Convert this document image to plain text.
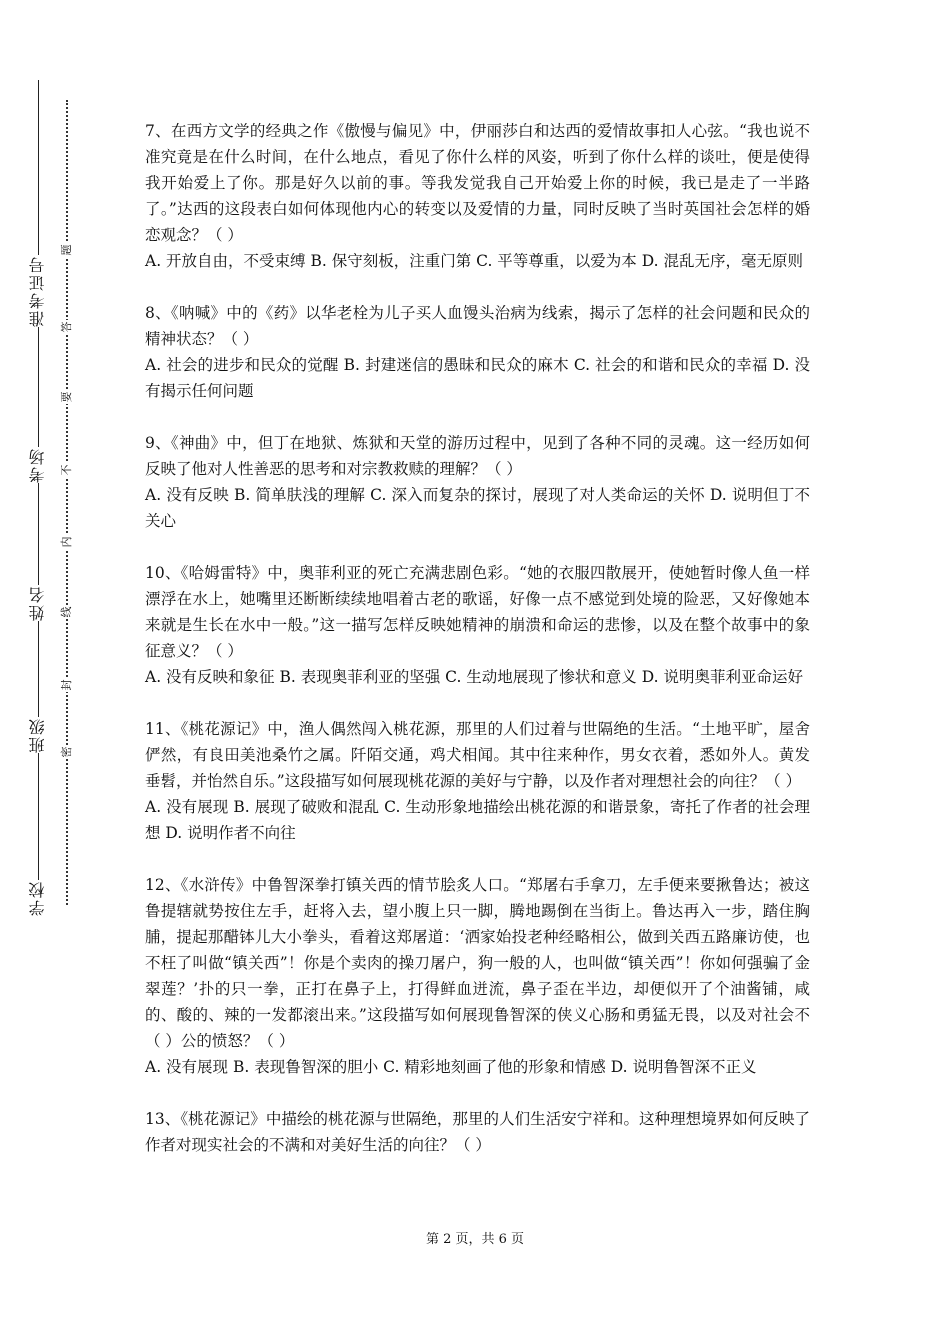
学校
班级
姓名
考场
准考证号
密
封
线
内
不
要
答
题

7、在西方文学的经典之作《傲慢与偏见》中，伊丽莎白和达西的爱情故事扣人心弦。“我也说不准究竟是在什么时间，在什么地点，看见了你什么样的风姿，听到了你什么样的谈吐，便是使得我开始爱上了你。那是好久以前的事。等我发觉我自己开始爱上你的时候，我已是走了一半路了。”达西的这段表白如何体现他内心的转变以及爱情的力量，同时反映了当时英国社会怎样的婚恋观念？（ ）

A. 开放自由，不受束缚 B. 保守刻板，注重门第 C. 平等尊重，以爱为本 D. 混乱无序，毫无原则

8、《呐喊》中的《药》以华老栓为儿子买人血馒头治病为线索，揭示了怎样的社会问题和民众的精神状态？（ ）

A. 社会的进步和民众的觉醒 B. 封建迷信的愚昧和民众的麻木 C. 社会的和谐和民众的幸福 D. 没有揭示任何问题

9、《神曲》中，但丁在地狱、炼狱和天堂的游历过程中，见到了各种不同的灵魂。这一经历如何反映了他对人性善恶的思考和对宗教救赎的理解？（ ）

A. 没有反映 B. 简单肤浅的理解 C. 深入而复杂的探讨，展现了对人类命运的关怀 D. 说明但丁不关心

10、《哈姆雷特》中，奥菲利亚的死亡充满悲剧色彩。“她的衣服四散展开，使她暂时像人鱼一样漂浮在水上，她嘴里还断断续续地唱着古老的歌谣，好像一点不感觉到处境的险恶，又好像她本来就是生长在水中一般。”这一描写怎样反映她精神的崩溃和命运的悲惨，以及在整个故事中的象征意义？（ ）

A. 没有反映和象征 B. 表现奥菲利亚的坚强 C. 生动地展现了惨状和意义 D. 说明奥菲利亚命运好

11、《桃花源记》中，渔人偶然闯入桃花源，那里的人们过着与世隔绝的生活。“土地平旷，屋舍俨然，有良田美池桑竹之属。阡陌交通，鸡犬相闻。其中往来种作，男女衣着，悉如外人。黄发垂髫，并怡然自乐。”这段描写如何展现桃花源的美好与宁静，以及作者对理想社会的向往？（ ）

A. 没有展现 B. 展现了破败和混乱 C. 生动形象地描绘出桃花源的和谐景象，寄托了作者的社会理想 D. 说明作者不向往

12、《水浒传》中鲁智深拳打镇关西的情节脍炙人口。“郑屠右手拿刀，左手便来要揪鲁达；被这鲁提辖就势按住左手，赶将入去，望小腹上只一脚，腾地踢倒在当街上。鲁达再入一步，踏住胸脯，提起那醋钵儿大小拳头，看着这郑屠道：‘洒家始投老种经略相公，做到关西五路廉访使，也不枉了叫做“镇关西”！你是个卖肉的操刀屠户，狗一般的人，也叫做“镇关西”！你如何强骗了金翠莲？’扑的只一拳，正打在鼻子上，打得鲜血迸流，鼻子歪在半边，却便似开了个油酱铺，咸的、酸的、辣的一发都滚出来。”这段描写如何展现鲁智深的侠义心肠和勇猛无畏，以及对社会不（ ）公的愤怒？（ ）

A. 没有展现 B. 表现鲁智深的胆小 C. 精彩地刻画了他的形象和情感 D. 说明鲁智深不正义

13、《桃花源记》中描绘的桃花源与世隔绝，那里的人们生活安宁祥和。这种理想境界如何反映了作者对现实社会的不满和对美好生活的向往？（ ）

第 2 页，共 6 页
